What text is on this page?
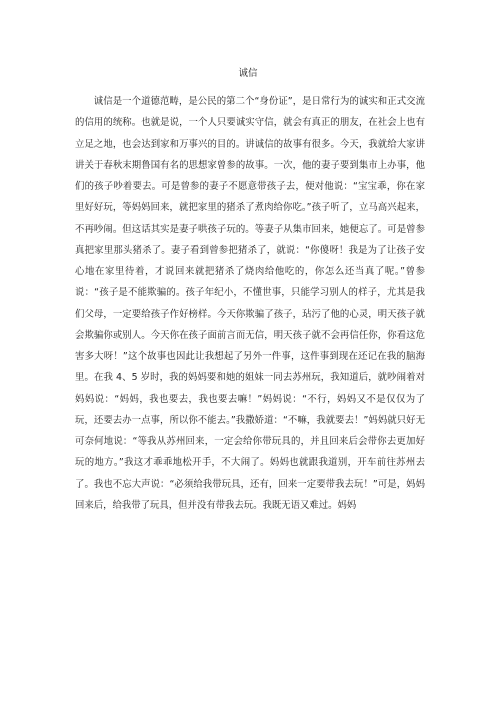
诚信

诚信是一个道德范畴，是公民的第二个“身份证”，是日常行为的诚实和正式交流的信用的统称。也就是说，一个人只要诚实守信，就会有真正的朋友，在社会上也有立足之地，也会达到家和万事兴的目的。讲诚信的故事有很多。今天，我就给大家讲讲关于春秋末期鲁国有名的思想家曾参的故事。一次，他的妻子要到集市上办事，他们的孩子吵着要去。可是曾参的妻子不愿意带孩子去，便对他说：“宝宝乖，你在家里好好玩，等妈妈回来，就把家里的猪杀了煮肉给你吃。”孩子听了，立马高兴起来，不再吵闹。但这话其实是妻子哄孩子玩的。等妻子从集市回来，她便忘了。可是曾参真把家里那头猪杀了。妻子看到曾参把猪杀了，就说：“你傻呀！我是为了让孩子安心地在家里待着，才说回来就把猪杀了烧肉给他吃的，你怎么还当真了呢。”曾参说：“孩子是不能欺骗的。孩子年纪小，不懂世事，只能学习别人的样子，尤其是我们父母，一定要给孩子作好榜样。今天你欺骗了孩子，玷污了他的心灵，明天孩子就会欺骗你或别人。今天你在孩子面前言而无信，明天孩子就不会再信任你，你看这危害多大呀！”这个故事也因此让我想起了另外一件事，这件事到现在还记在我的脑海里。在我 4、5 岁时，我的妈妈要和她的姐妹一同去苏州玩，我知道后，就吵闹着对妈妈说：“妈妈，我也要去，我也要去嘛！”妈妈说：“不行，妈妈又不是仅仅为了玩，还要去办一点事，所以你不能去。”我撒娇道：“不嘛，我就要去！”妈妈就只好无可奈何地说：“等我从苏州回来，一定会给你带玩具的，并且回来后会带你去更加好玩的地方。”我这才乖乖地松开手，不大闹了。妈妈也就跟我道别，开车前往苏州去了。我也不忘大声说：“必须给我带玩具，还有，回来一定要带我去玩！”可是，妈妈回来后，给我带了玩具，但并没有带我去玩。我既无语又难过。妈妈
